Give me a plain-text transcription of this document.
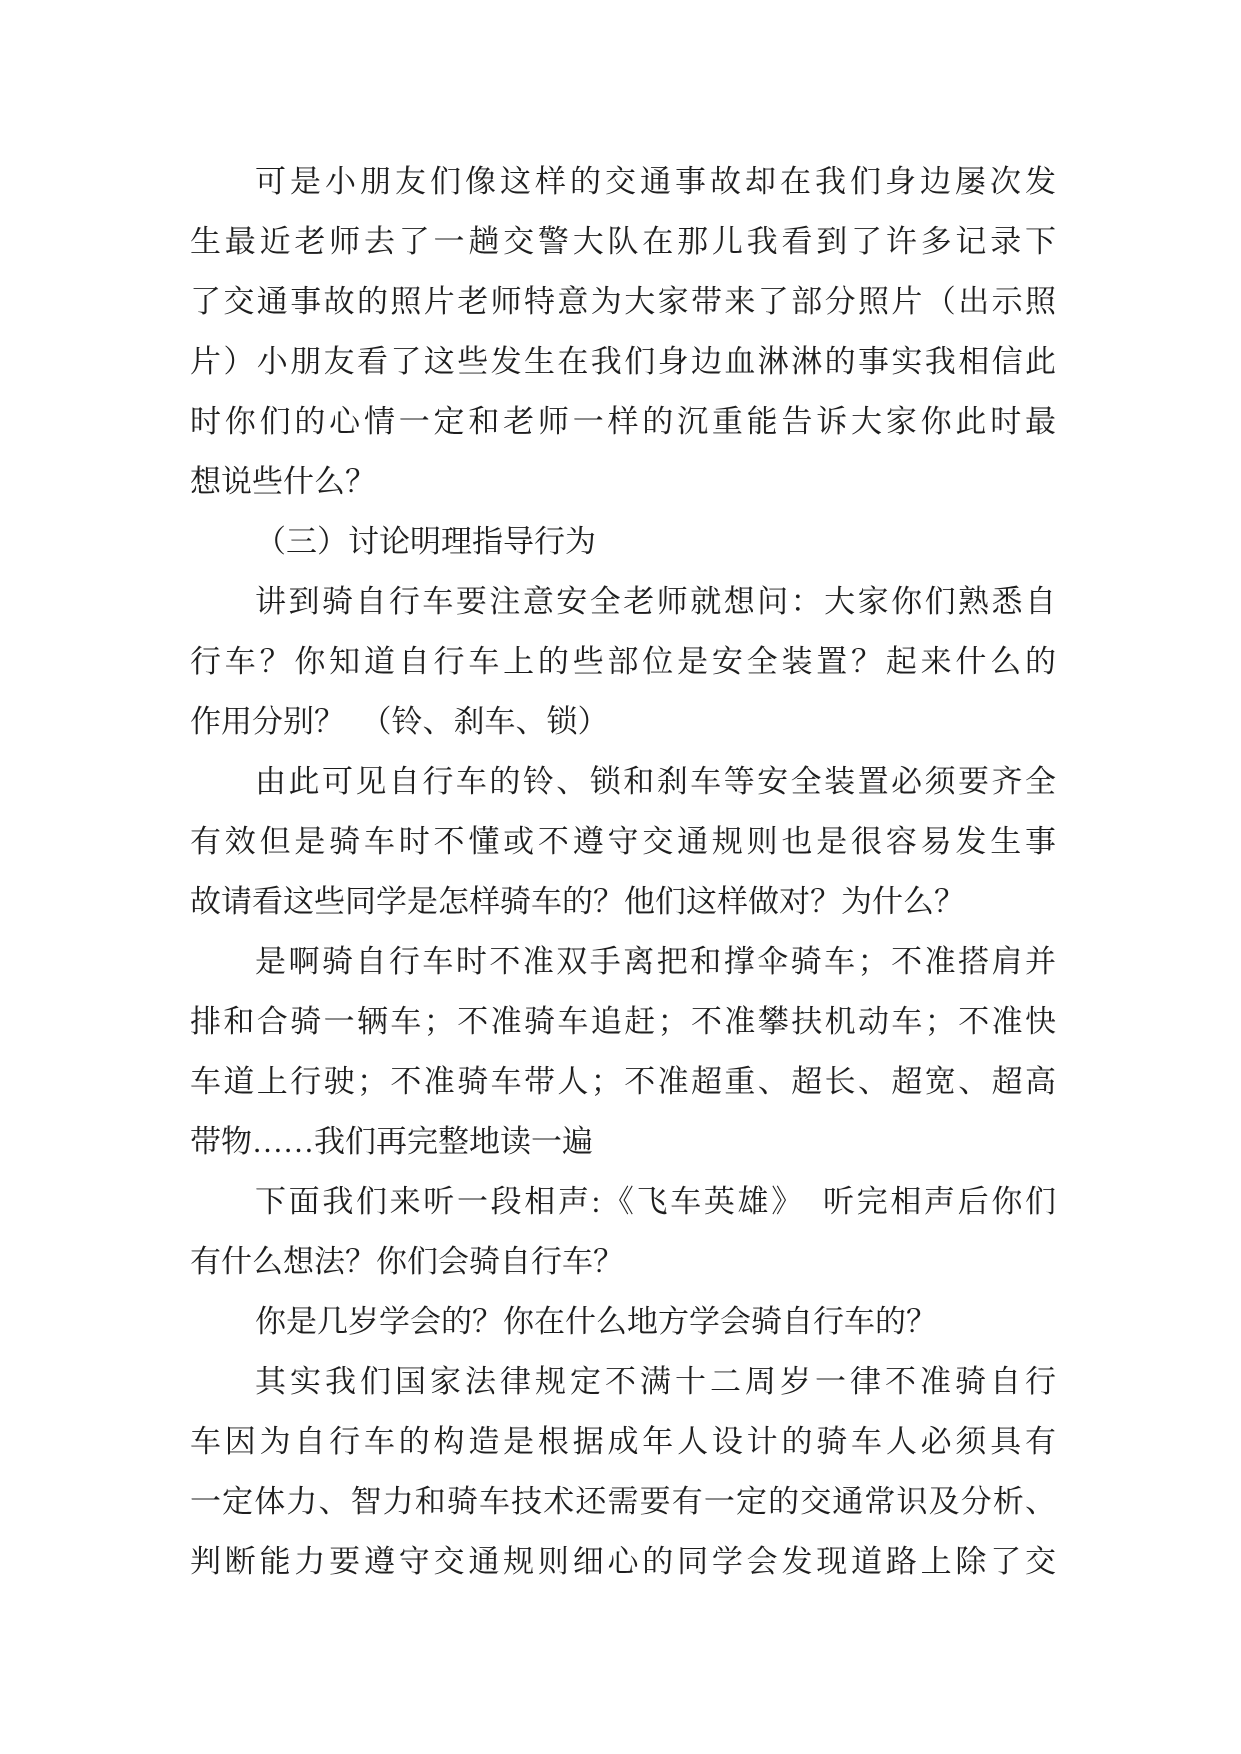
可是小朋友们像这样的交通事故却在我们身边屡次发
生最近老师去了一趟交警大队在那儿我看到了许多记录下
了交通事故的照片老师特意为大家带来了部分照片（出示照
片）小朋友看了这些发生在我们身边血淋淋的事实我相信此
时你们的心情一定和老师一样的沉重能告诉大家你此时最
想说些什么？
（三）讨论明理指导行为
讲到骑自行车要注意安全老师就想问：大家你们熟悉自
行车？你知道自行车上的些部位是安全装置？起来什么的
作用分别？　（铃、刹车、锁）
由此可见自行车的铃、锁和刹车等安全装置必须要齐全
有效但是骑车时不懂或不遵守交通规则也是很容易发生事
故请看这些同学是怎样骑车的？他们这样做对？为什么？
是啊骑自行车时不准双手离把和撑伞骑车；不准搭肩并
排和合骑一辆车；不准骑车追赶；不准攀扶机动车；不准快
车道上行驶；不准骑车带人；不准超重、超长、超宽、超高
带物……我们再完整地读一遍
下面我们来听一段相声:《飞车英雄》　听完相声后你们
有什么想法？你们会骑自行车？
你是几岁学会的？你在什么地方学会骑自行车的？
其实我们国家法律规定不满十二周岁一律不准骑自行
车因为自行车的构造是根据成年人设计的骑车人必须具有
一定体力、智力和骑车技术还需要有一定的交通常识及分析、
判断能力要遵守交通规则细心的同学会发现道路上除了交
